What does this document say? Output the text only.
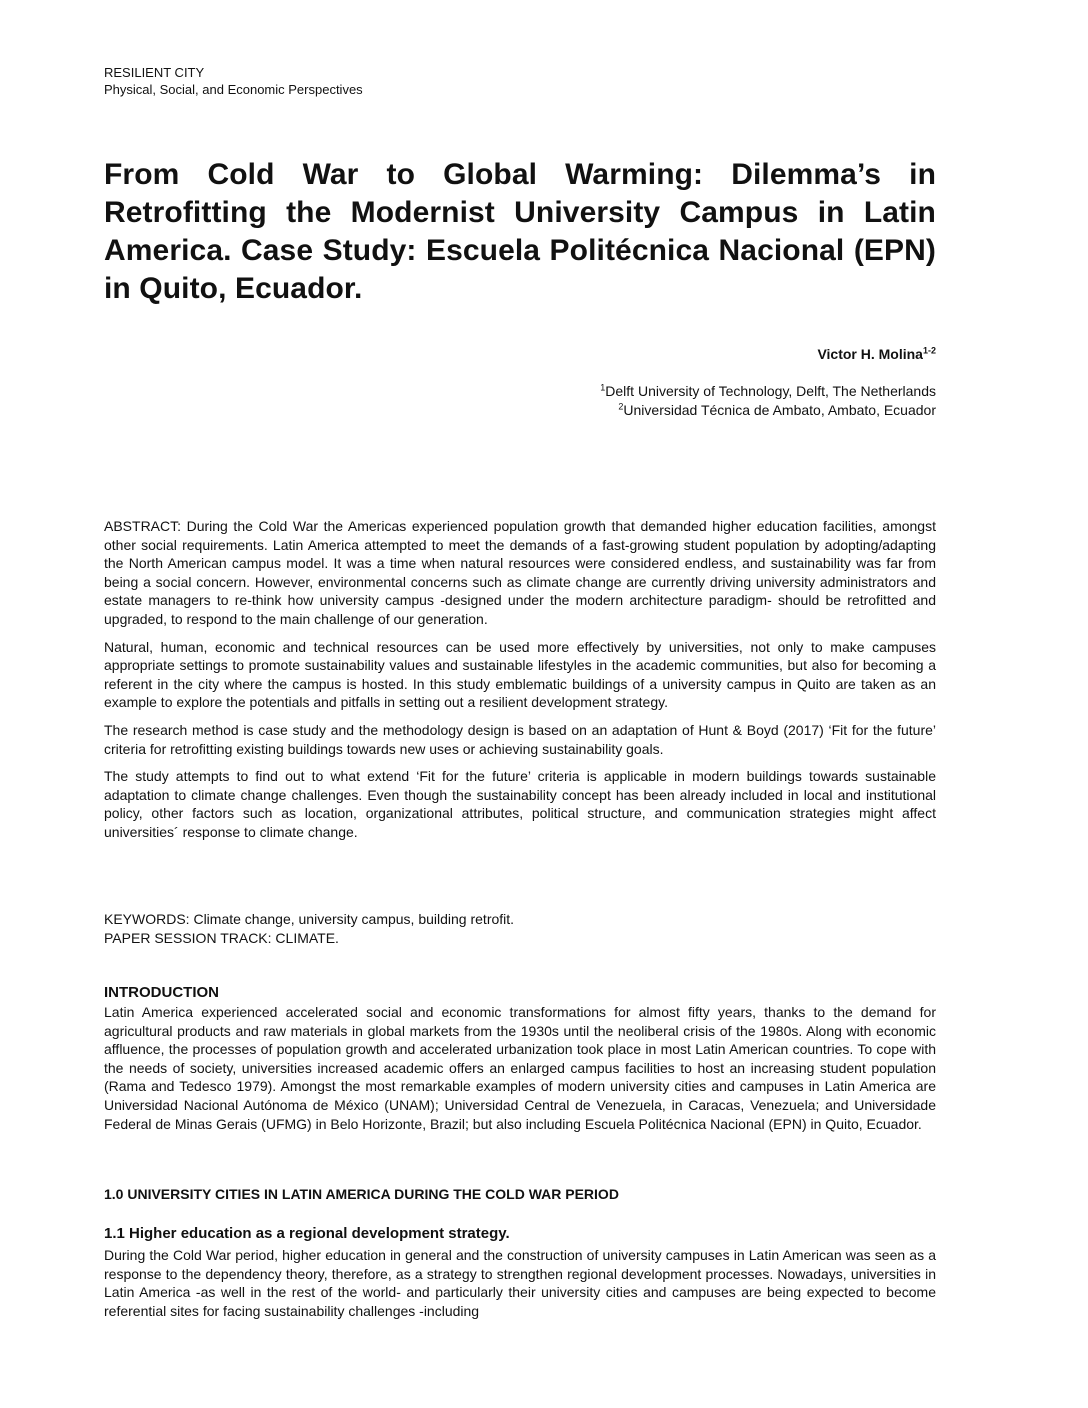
RESILIENT CITY
Physical, Social, and Economic Perspectives
From Cold War to Global Warming: Dilemma’s in Retrofitting the Modernist University Campus in Latin America. Case Study: Escuela Politécnica Nacional (EPN) in Quito, Ecuador.
Victor H. Molina$^{1-2}$
$^1$Delft University of Technology, Delft, The Netherlands
$^2$Universidad Técnica de Ambato, Ambato, Ecuador

ABSTRACT: During the Cold War the Americas experienced population growth that demanded higher education facilities, amongst other social requirements. Latin America attempted to meet the demands of a fast-growing student population by adopting/adapting the North American campus model. It was a time when natural resources were considered endless, and sustainability was far from being a social concern. However, environmental concerns such as climate change are currently driving university administrators and estate managers to re-think how university campus -designed under the modern architecture paradigm- should be retrofitted and upgraded, to respond to the main challenge of our generation.

Natural, human, economic and technical resources can be used more effectively by universities, not only to make campuses appropriate settings to promote sustainability values and sustainable lifestyles in the academic communities, but also for becoming a referent in the city where the campus is hosted. In this study emblematic buildings of a university campus in Quito are taken as an example to explore the potentials and pitfalls in setting out a resilient development strategy.

The research method is case study and the methodology design is based on an adaptation of Hunt & Boyd (2017) ‘Fit for the future’ criteria for retrofitting existing buildings towards new uses or achieving sustainability goals.

The study attempts to find out to what extend ‘Fit for the future’ criteria is applicable in modern buildings towards sustainable adaptation to climate change challenges. Even though the sustainability concept has been already included in local and institutional policy, other factors such as location, organizational attributes, political structure, and communication strategies might affect universities´ response to climate change.

KEYWORDS: Climate change, university campus, building retrofit.
PAPER SESSION TRACK: CLIMATE.
INTRODUCTION

Latin America experienced accelerated social and economic transformations for almost fifty years, thanks to the demand for agricultural products and raw materials in global markets from the 1930s until the neoliberal crisis of the 1980s. Along with economic affluence, the processes of population growth and accelerated urbanization took place in most Latin American countries. To cope with the needs of society, universities increased academic offers an enlarged campus facilities to host an increasing student population (Rama and Tedesco 1979). Amongst the most remarkable examples of modern university cities and campuses in Latin America are Universidad Nacional Autónoma de México (UNAM); Universidad Central de Venezuela, in Caracas, Venezuela; and Universidade Federal de Minas Gerais (UFMG) in Belo Horizonte, Brazil; but also including Escuela Politécnica Nacional (EPN) in Quito, Ecuador.

1.0 UNIVERSITY CITIES IN LATIN AMERICA DURING THE COLD WAR PERIOD
1.1 Higher education as a regional development strategy.

During the Cold War period, higher education in general and the construction of university campuses in Latin American was seen as a response to the dependency theory, therefore, as a strategy to strengthen regional development processes. Nowadays, universities in Latin America -as well in the rest of the world- and particularly their university cities and campuses are being expected to become referential sites for facing sustainability challenges -including
